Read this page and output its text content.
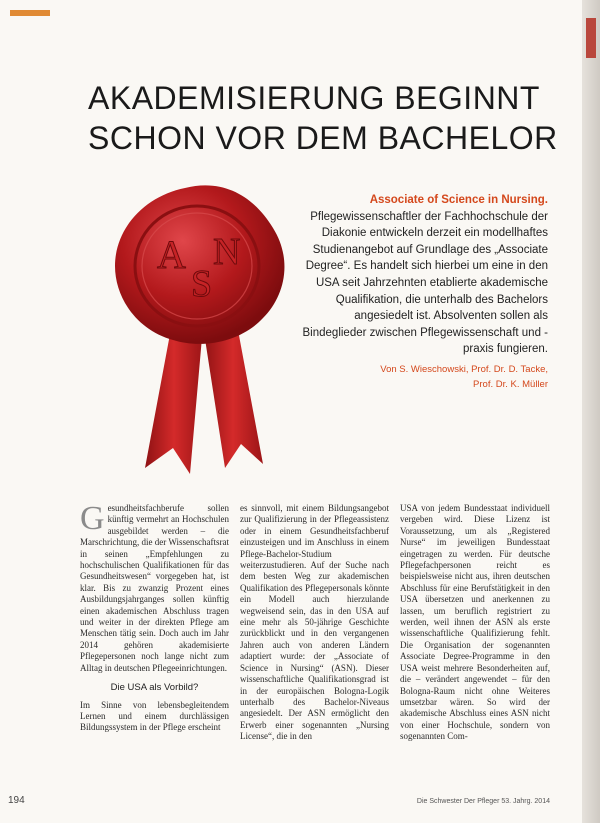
AKADEMISIERUNG BEGINNT
SCHON VOR DEM BACHELOR
A
S
N
Associate of Science in Nursing. Pflegewissenschaftler der Fachhochschule der Diakonie entwickeln derzeit ein modellhaftes Studienangebot auf Grundlage des „Associate Degree“. Es handelt sich hierbei um eine in den USA seit Jahrzehnten etablierte akademische Qualifikation, die unterhalb des Bachelors angesiedelt ist. Absolventen sollen als Bindeglieder zwischen Pflegewissenschaft und -praxis fungieren.
Von S. Wieschowski, Prof. Dr. D. Tacke,
Prof. Dr. K. Müller

Gesundheitsfachberufe sollen künftig vermehrt an Hochschulen ausgebildet werden – die Marschrichtung, die der Wissenschaftsrat in seinen „Empfehlungen zu hochschulischen Qualifikationen für das Gesundheitswesen“ vorgegeben hat, ist klar. Bis zu zwanzig Prozent eines Ausbildungsjahrganges sollen künftig einen akademischen Abschluss tragen und weiter in der direkten Pflege am Menschen tätig sein. Doch auch im Jahr 2014 gehören akademisierte Pflegepersonen noch lange nicht zum Alltag in deutschen Pflegeeinrichtungen.

Die USA als Vorbild?

Im Sinne von lebensbegleitendem Lernen und einem durchlässigen Bildungssystem in der Pflege erscheint

es sinnvoll, mit einem Bildungsangebot zur Qualifizierung in der Pflegeassistenz oder in einem Gesundheitsfachberuf einzusteigen und im Anschluss in einem Pflege-Bachelor-Studium weiterzustudieren. Auf der Suche nach dem besten Weg zur akademischen Qualifikation des Pflegepersonals könnte ein Modell auch hierzulande wegweisend sein, das in den USA auf eine mehr als 50-jährige Geschichte zurückblickt und in den vergangenen Jahren auch von anderen Ländern adaptiert wurde: der „Associate of Science in Nursing“ (ASN). Dieser wissenschaftliche Qualifikationsgrad ist in der europäischen Bologna-Logik unterhalb des Bachelor-Niveaus angesiedelt. Der ASN ermöglicht den Erwerb einer sogenannten „Nursing License“, die in den

USA von jedem Bundesstaat individuell vergeben wird. Diese Lizenz ist Voraussetzung, um als „Registered Nurse“ im jeweiligen Bundesstaat eingetragen zu werden. Für deutsche Pflegefachpersonen reicht es beispielsweise nicht aus, ihren deutschen Abschluss für eine Berufstätigkeit in den USA übersetzen und anerkennen zu lassen, um beruflich registriert zu werden, weil ihnen der ASN als erste wissenschaftliche Qualifizierung fehlt. Die Organisation der sogenannten Associate Degree-Programme in den USA weist mehrere Besonderheiten auf, die – verändert angewendet – für den Bologna-Raum nicht ohne Weiteres umsetzbar wären. So wird der akademische Abschluss eines ASN nicht von einer Hochschule, sondern von sogenannten Com-

194	Die Schwester Der Pfleger 53. Jahrg. 2014
